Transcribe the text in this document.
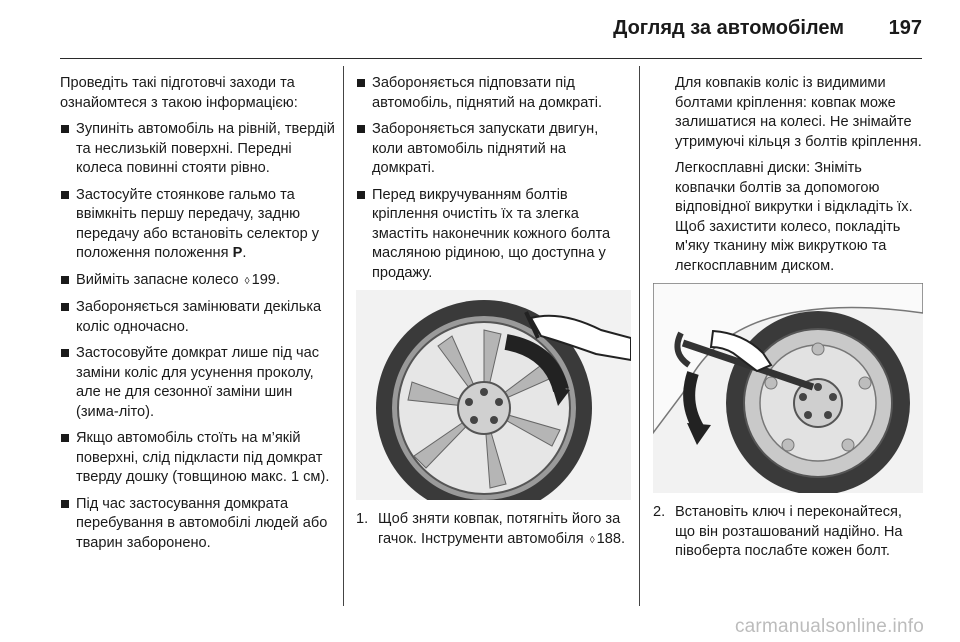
Догляд за автомобілем 197

Проведіть такі підготовчі заходи та ознайомтеся з такою інформацією:

Зупиніть автомобіль на рівній, твердій та неслизькій поверхні. Передні колеса повинні стояти рівно.
Застосуйте стоянкове гальмо та ввімкніть першу передачу, задню передачу або встановіть селектор у положення положення P.
Вийміть запасне колесо ◊ 199.
Забороняється замінювати декілька коліс одночасно.
Застосовуйте домкрат лише під час заміни коліс для усунення проколу, але не для сезонної заміни шин (зима-літо).
Якщо автомобіль стоїть на м’якій поверхні, слід підкласти під домкрат тверду дошку (товщиною макс. 1 см).
Під час застосування домкрата перебування в автомобілі людей або тварин заборонено.
Забороняється підповзати під автомобіль, піднятий на домкраті.
Забороняється запускати двигун, коли автомобіль піднятий на домкраті.
Перед викручуванням болтів кріплення очистіть їх та злегка змастіть наконечник кожного болта масляною рідиною, що доступна у продажу.
1. Щоб зняти ковпак, потягніть його за гачок. Інструменти автомобіля ◊ 188.

Для ковпаків коліс із видимими болтами кріплення: ковпак може залишатися на колесі. Не знімайте утримуючі кільця з болтів кріплення.

Легкосплавні диски: Зніміть ковпачки болтів за допомогою відповідної викрутки і відкладіть їх. Щоб захистити колесо, покладіть м'яку тканину між викруткою та легкосплавним диском.

2. Встановіть ключ і переконайтеся, що він розташований надійно. На півоберта послабте кожен болт.
carmanualsonline.info
